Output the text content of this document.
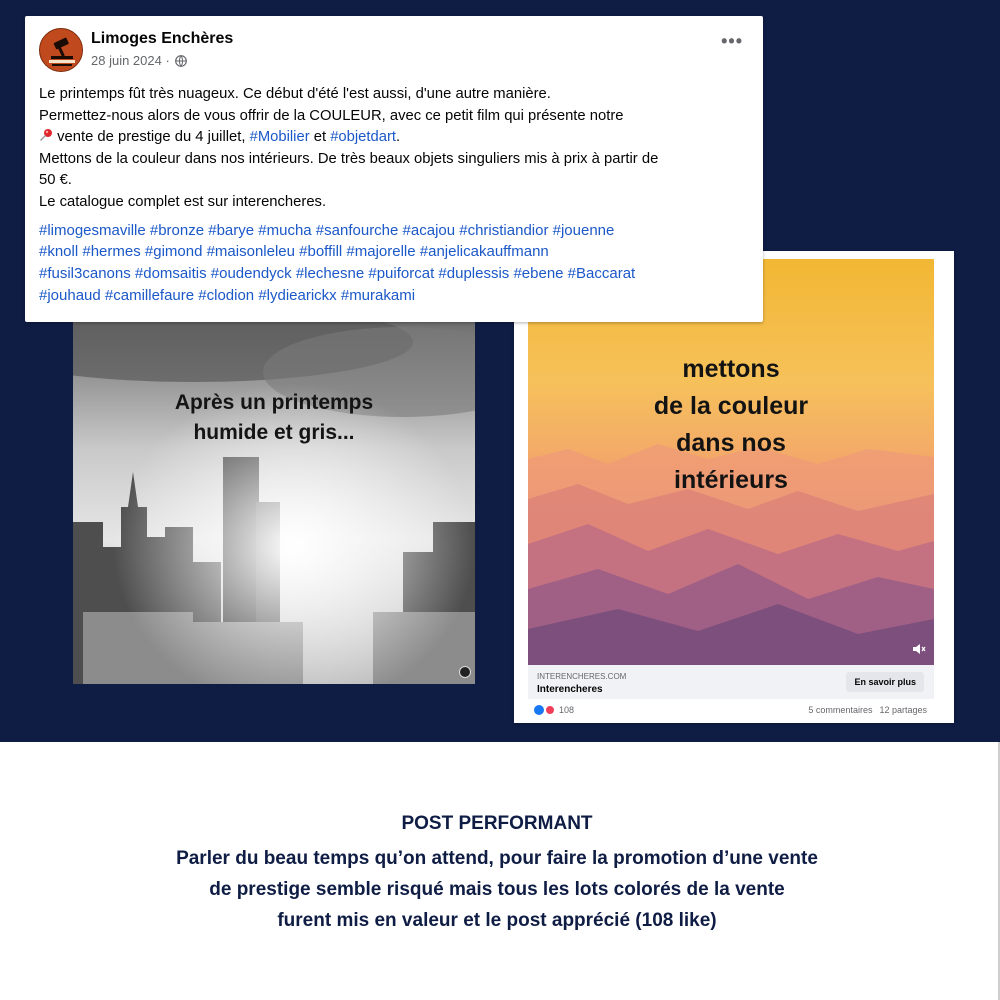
Limoges Enchères
28 juin 2024 ·
•••
Le printemps fût très nuageux. Ce début d'été l'est aussi, d'une autre manière.
Permettez-nous alors de vous offrir de la COULEUR, avec ce petit film qui présente notre
vente de prestige du 4 juillet, #Mobilier et #objetdart.
Mettons de la couleur dans nos intérieurs. De très beaux objets singuliers mis à prix à partir de
50 €.
Le catalogue complet est sur interencheres.
#limogesmaville #bronze #barye #mucha #sanfourche #acajou #christiandior #jouenne
#knoll #hermes #gimond #maisonleleu #boffill #majorelle #anjelicakauffmann
#fusil3canons #domsaitis #oudendyck #lechesne #puiforcat #duplessis #ebene #Baccarat
#jouhaud #camillefaure #clodion #lydiearickx #murakami
Après un printemps
humide et gris...
mettons
de la couleur
dans nos
intérieurs
INTERENCHERES.COM
Interencheres
En savoir plus
108	5 commentaires 12 partages
POST PERFORMANT
Parler du beau temps qu’on attend, pour faire la promotion d’une vente
de prestige semble risqué mais tous les lots colorés de la vente
furent mis en valeur et le post apprécié (108 like)
